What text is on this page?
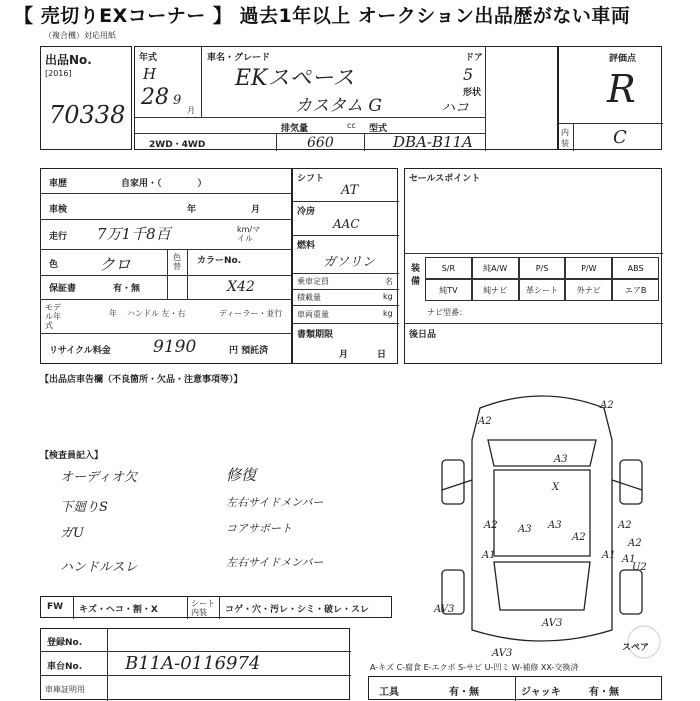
【 売切りEXコーナー 】 過去1年以上 オークション出品歴がない車両
（複合機）対応用紙
出品No.
[2016]
70338
年式
H
28 9
月
車名・グレード
EKスペース
カスタム G
ドア
5
形状
ハコ
2WD・4WD
排気量	cc
660
型式
DBA-B11A
評価点
R
内装 C
車歴	自家用・（　　　　）
車検	年	月
走行 7万1千8百	km/マイル
色	クロ	色替
カラーNo.
保証書	有・無	X42
モデル年式
年 ハンドル 左・右	ディーラー・並行
リサイクル料金 9190	円 預託済
シフト
AT
冷房
AAC
燃料
ガソリン
乗車定員	名
積載量	kg
車両重量	kg
書類期限
月	日
セールスポイント
装備
S/R	純A/W	P/S	P/W	ABS
純TV	純ナビ	革シート	外ナビ	エアB
ナビ型番：
後日品
【出品店車告欄（不良箇所・欠品・注意事項等）】
【検査員記入】
オーディオ欠
下廻りS
ガU
ハンドルスレ
修復
左右サイドメンバー
コアサポート
左右サイドメンバー
FW キズ・ヘコ・割・X
シート内装	コゲ・穴・汚レ・シミ・破レ・スレ
A2
A2
A3
X
A2	A3	A2
A2
A3
A1	A1
AV3
AV3
A1
AV3
A2
U2
スペア
登録No.
車台No. B11A-0116974
車庫証明用
A-キズ C-腐食 E-エクボ S-サビ U-凹ミ W-補修 XX-交換済
工具	有・無	ジャッキ	有・無
